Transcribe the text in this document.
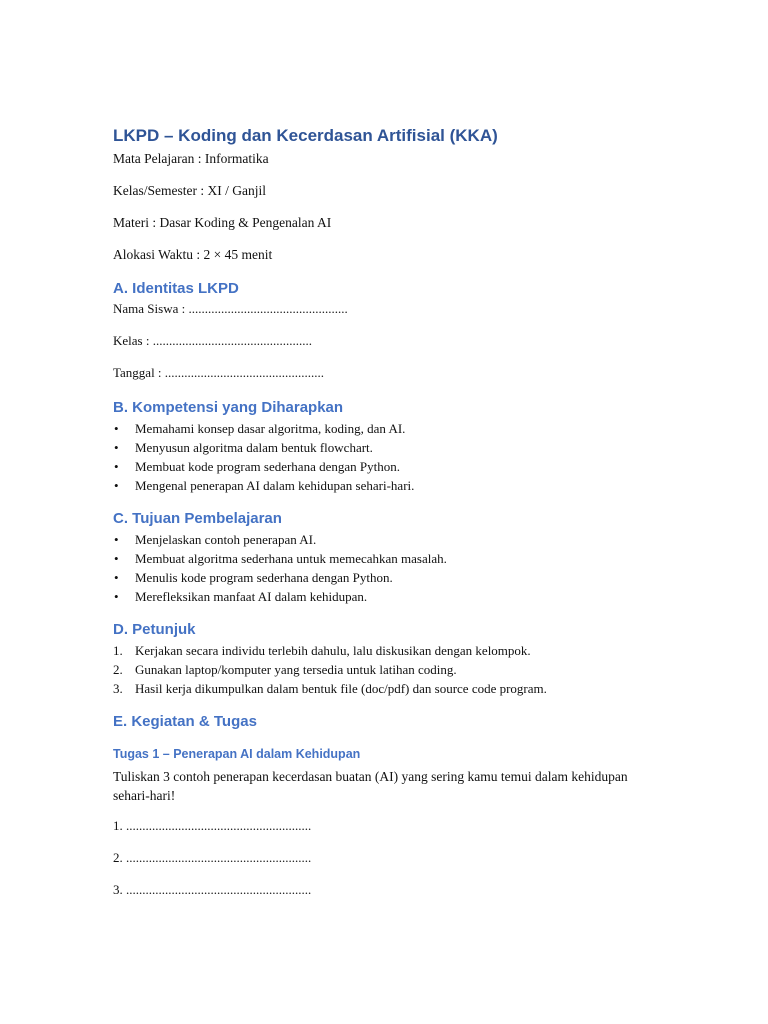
LKPD – Koding dan Kecerdasan Artifisial (KKA)

Mata Pelajaran : Informatika

Kelas/Semester : XI / Ganjil

Materi : Dasar Koding & Pengenalan AI

Alokasi Waktu : 2 × 45 menit

A. Identitas LKPD

Nama Siswa : .................................................

Kelas : .................................................

Tanggal : .................................................

B. Kompetensi yang Diharapkan
• Memahami konsep dasar algoritma, koding, dan AI.
• Menyusun algoritma dalam bentuk flowchart.
• Membuat kode program sederhana dengan Python.
• Mengenal penerapan AI dalam kehidupan sehari-hari.
C. Tujuan Pembelajaran
• Menjelaskan contoh penerapan AI.
• Membuat algoritma sederhana untuk memecahkan masalah.
• Menulis kode program sederhana dengan Python.
• Merefleksikan manfaat AI dalam kehidupan.
D. Petunjuk
1. Kerjakan secara individu terlebih dahulu, lalu diskusikan dengan kelompok.
2. Gunakan laptop/komputer yang tersedia untuk latihan coding.
3. Hasil kerja dikumpulkan dalam bentuk file (doc/pdf) dan source code program.
E. Kegiatan & Tugas
Tugas 1 – Penerapan AI dalam Kehidupan

Tuliskan 3 contoh penerapan kecerdasan buatan (AI) yang sering kamu temui dalam kehidupan sehari-hari!

1. .........................................................

2. .........................................................

3. .........................................................
